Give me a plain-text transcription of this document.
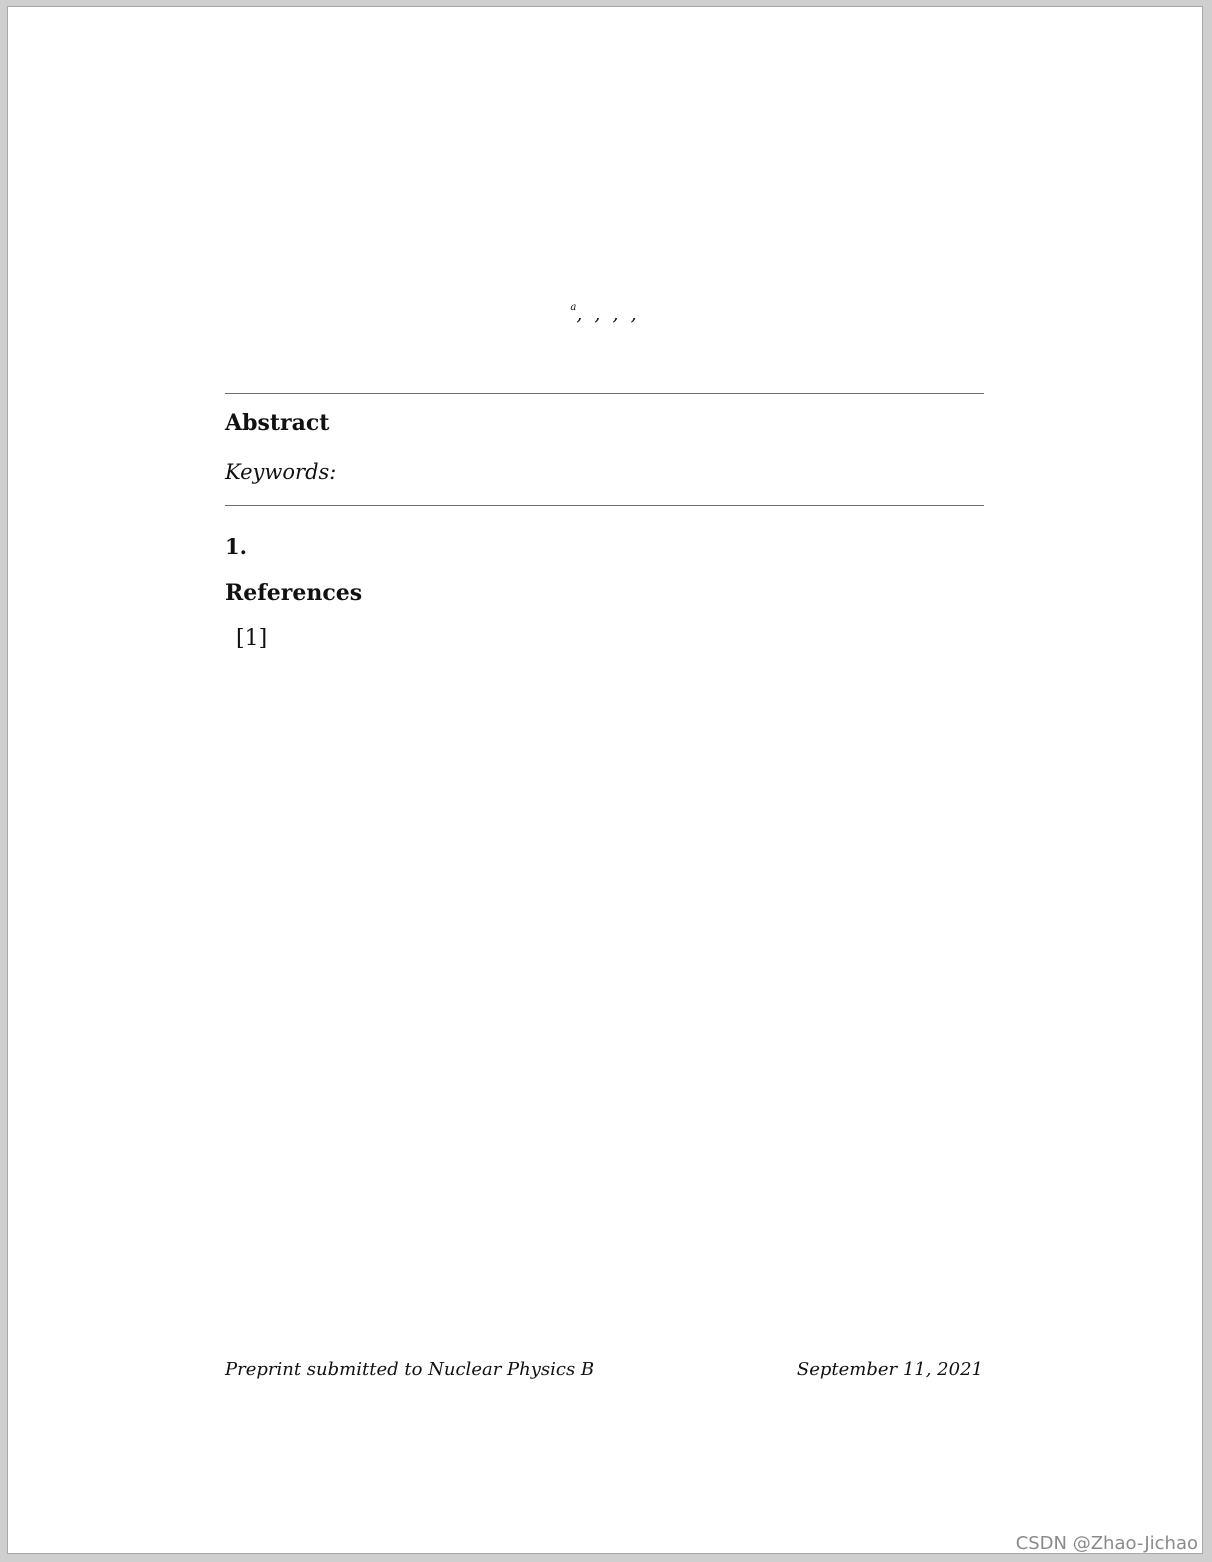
$^a$, , , ,
Abstract
Keywords:
1.
References
[1]
Preprint submitted to Nuclear Physics B	September 11, 2021
CSDN @Zhao-Jichao
